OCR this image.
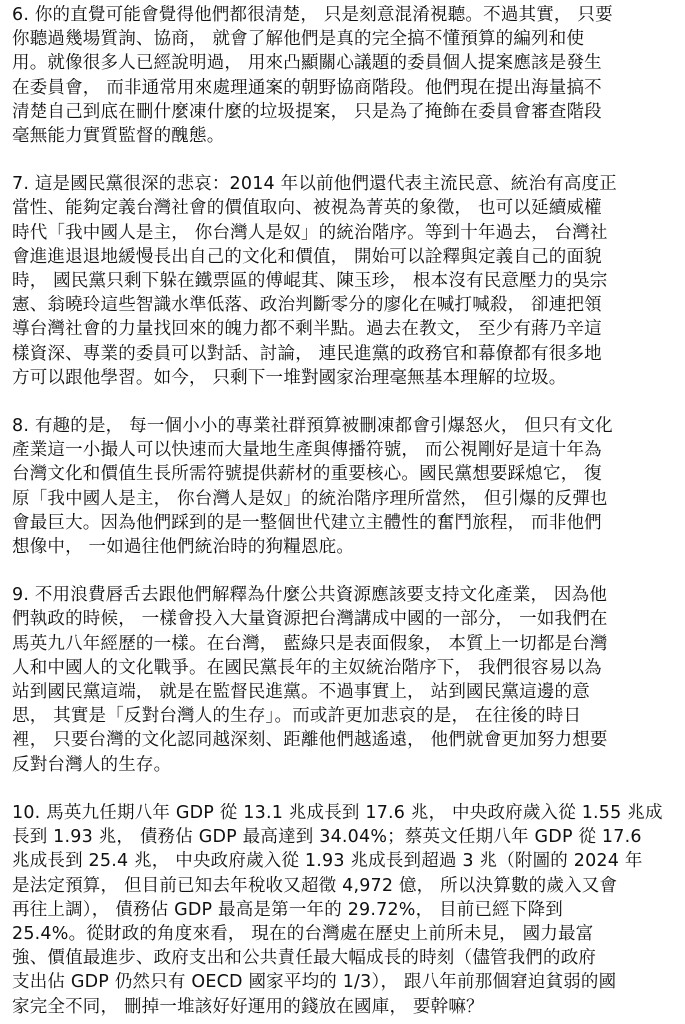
6. 你的直覺可能會覺得他們都很清楚， 只是刻意混淆視聽。不過其實， 只要
你聽過幾場質詢、協商， 就會了解他們是真的完全搞不懂預算的編列和使
用。就像很多人已經說明過， 用來凸顯關心議題的委員個人提案應該是發生
在委員會， 而非通常用來處理通案的朝野協商階段。他們現在提出海量搞不
清楚自己到底在刪什麼凍什麼的垃圾提案， 只是為了掩飾在委員會審查階段
毫無能力實質監督的醜態。

7. 這是國民黨很深的悲哀：2014 年以前他們還代表主流民意、統治有高度正
當性、能夠定義台灣社會的價值取向、被視為菁英的象徵， 也可以延續威權
時代「我中國人是主， 你台灣人是奴」的統治階序。等到十年過去， 台灣社
會進進退退地緩慢長出自己的文化和價值， 開始可以詮釋與定義自己的面貌
時， 國民黨只剩下躲在鐵票區的傅崐萁、陳玉珍， 根本沒有民意壓力的吳宗
憲、翁曉玲這些智識水準低落、政治判斷零分的廖化在喊打喊殺， 卻連把領
導台灣社會的力量找回來的魄力都不剩半點。過去在教文， 至少有蔣乃辛這
樣資深、專業的委員可以對話、討論， 連民進黨的政務官和幕僚都有很多地
方可以跟他學習。如今， 只剩下一堆對國家治理毫無基本理解的垃圾。

8. 有趣的是， 每一個小小的專業社群預算被刪凍都會引爆怒火， 但只有文化
產業這一小撮人可以快速而大量地生產與傳播符號， 而公視剛好是這十年為
台灣文化和價值生長所需符號提供薪材的重要核心。國民黨想要踩熄它， 復
原「我中國人是主， 你台灣人是奴」的統治階序理所當然， 但引爆的反彈也
會最巨大。因為他們踩到的是一整個世代建立主體性的奮鬥旅程， 而非他們
想像中， 一如過往他們統治時的狗糧恩庇。

9. 不用浪費唇舌去跟他們解釋為什麼公共資源應該要支持文化產業， 因為他
們執政的時候， 一樣會投入大量資源把台灣講成中國的一部分， 一如我們在
馬英九八年經歷的一樣。在台灣， 藍綠只是表面假象， 本質上一切都是台灣
人和中國人的文化戰爭。在國民黨長年的主奴統治階序下， 我們很容易以為
站到國民黨這端， 就是在監督民進黨。不過事實上， 站到國民黨這邊的意
思， 其實是「反對台灣人的生存」。而或許更加悲哀的是， 在往後的時日
裡， 只要台灣的文化認同越深刻、距離他們越遙遠， 他們就會更加努力想要
反對台灣人的生存。

10. 馬英九任期八年 GDP 從 13.1 兆成長到 17.6 兆， 中央政府歲入從 1.55 兆成
長到 1.93 兆， 債務佔 GDP 最高達到 34.04%；蔡英文任期八年 GDP 從 17.6
兆成長到 25.4 兆， 中央政府歲入從 1.93 兆成長到超過 3 兆（附圖的 2024 年
是法定預算， 但目前已知去年稅收又超徵 4,972 億， 所以決算數的歲入又會
再往上調）， 債務佔 GDP 最高是第一年的 29.72%， 目前已經下降到
25.4%。從財政的角度來看， 現在的台灣處在歷史上前所未見， 國力最富
強、價值最進步、政府支出和公共責任最大幅成長的時刻（儘管我們的政府
支出佔 GDP 仍然只有 OECD 國家平均的 1/3）， 跟八年前那個窘迫貧弱的國
家完全不同， 刪掉一堆該好好運用的錢放在國庫， 要幹嘛？
